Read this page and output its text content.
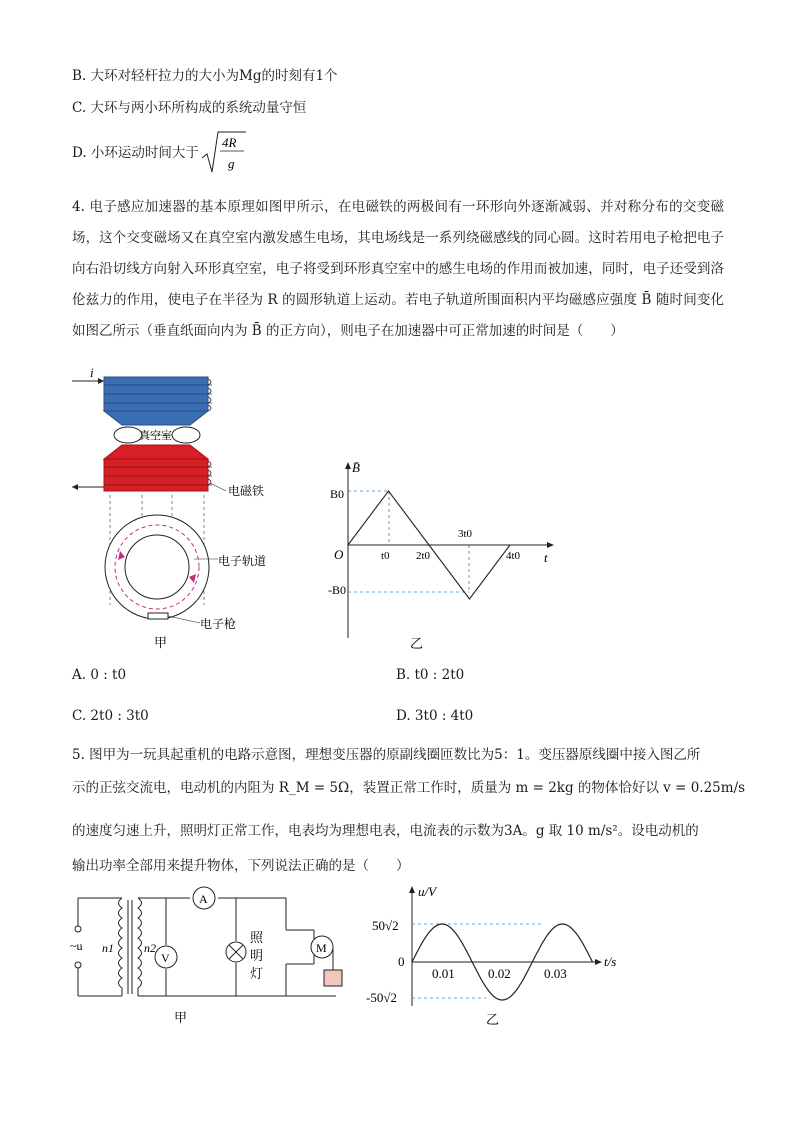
B. 大环对轻杆拉力的大小为Mg的时刻有1个
C. 大环与两小环所构成的系统动量守恒
D. 小环运动时间大于
4R
g
4. 电子感应加速器的基本原理如图甲所示，在电磁铁的两极间有一环形向外逐渐减弱、并对称分布的交变磁场，这个交变磁场又在真空室内激发感生电场，其电场线是一系列绕磁感线的同心圆。这时若用电子枪把电子向右沿切线方向射入环形真空室，电子将受到环形真空室中的感生电场的作用而被加速，同时，电子还受到洛伦兹力的作用，使电子在半径为 R 的圆形轨道上运动。若电子轨道所围面积内平均磁感应强度 B̄ 随时间变化如图乙所示（垂直纸面向内为 B̄ 的正方向），则电子在加速器中可正常加速的时间是（　　）
i
真空室
电磁铁
电子轨道
电子枪
甲
t
B̄
O
B0
-B0
t0 2t0
3t0
4t0
乙
A. 0 : t0	B. t0 : 2t0
C. 2t0 : 3t0	D. 3t0 : 4t0
5. 图甲为一玩具起重机的电路示意图，理想变压器的原副线圈匝数比为5：1。变压器原线圈中接入图乙所
示的正弦交流电，电动机的内阻为 R_M = 5Ω，装置正常工作时，质量为 m = 2kg 的物体恰好以 v = 0.25m/s
的速度匀速上升，照明灯正常工作，电表均为理想电表，电流表的示数为3A。g 取 10 m/s²。设电动机的
输出功率全部用来提升物体，下列说法正确的是（　　）
~u n1	n2
A
V
照
明
灯
M
甲
u/V
t/s
50√2
0
-50√2
0.01	0.02	0.03
乙
